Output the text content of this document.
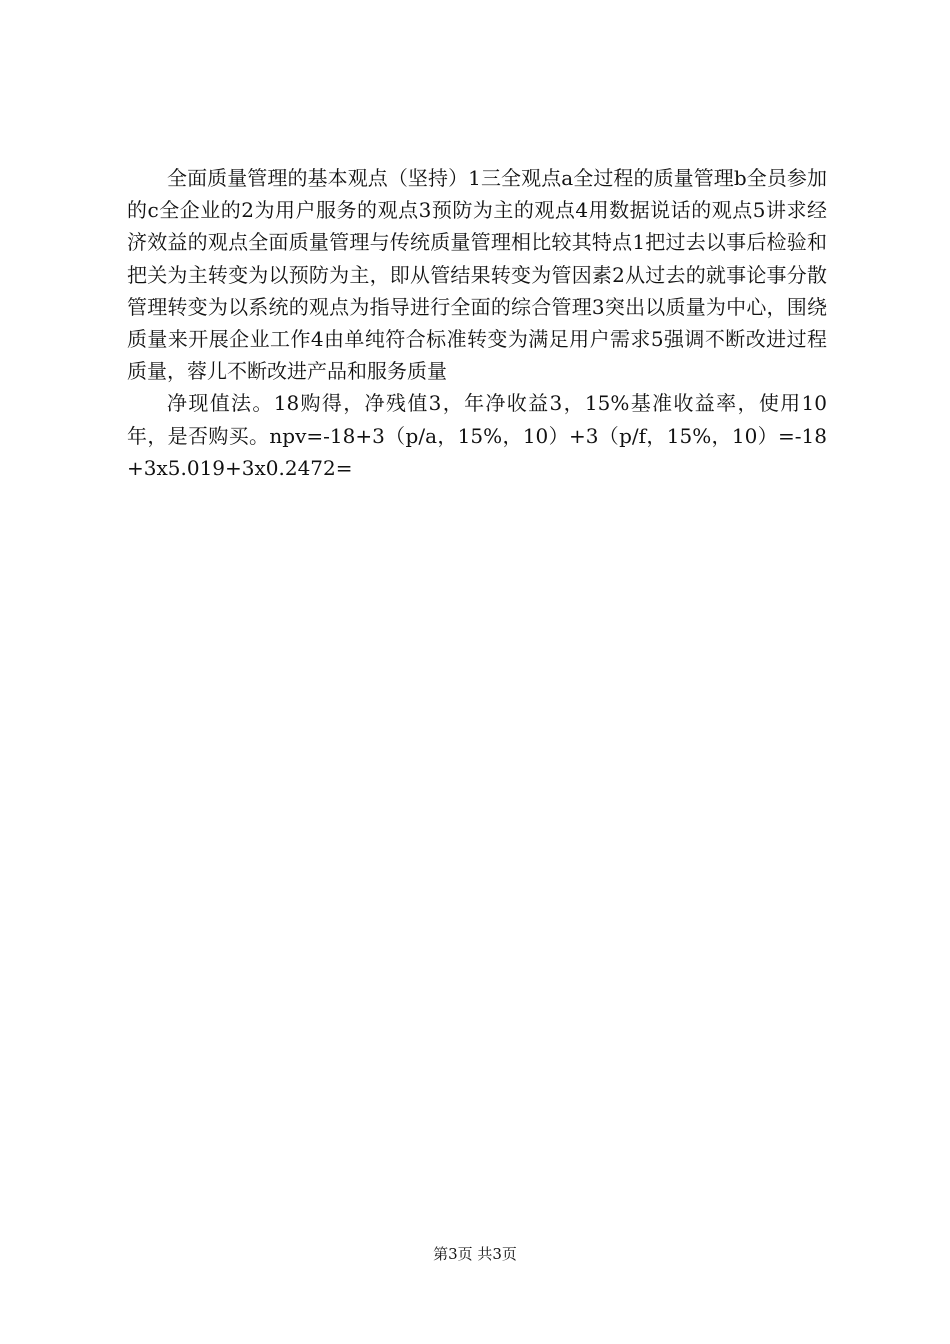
全面质量管理的基本观点（坚持）1三全观点a全过程的质量管理b全员参加的c全企业的2为用户服务的观点3预防为主的观点4用数据说话的观点5讲求经济效益的观点全面质量管理与传统质量管理相比较其特点1把过去以事后检验和把关为主转变为以预防为主，即从管结果转变为管因素2从过去的就事论事分散管理转变为以系统的观点为指导进行全面的综合管理3突出以质量为中心，围绕质量来开展企业工作4由单纯符合标准转变为满足用户需求5强调不断改进过程质量，蓉儿不断改进产品和服务质量

净现值法。18购得，净残值3，年净收益3，15%基准收益率，使用10年，是否购买。npv=-18+3（p/a，15%，10）+3（p/f，15%，10）=-18+3x5.019+3x0.2472=

第3页 共3页
